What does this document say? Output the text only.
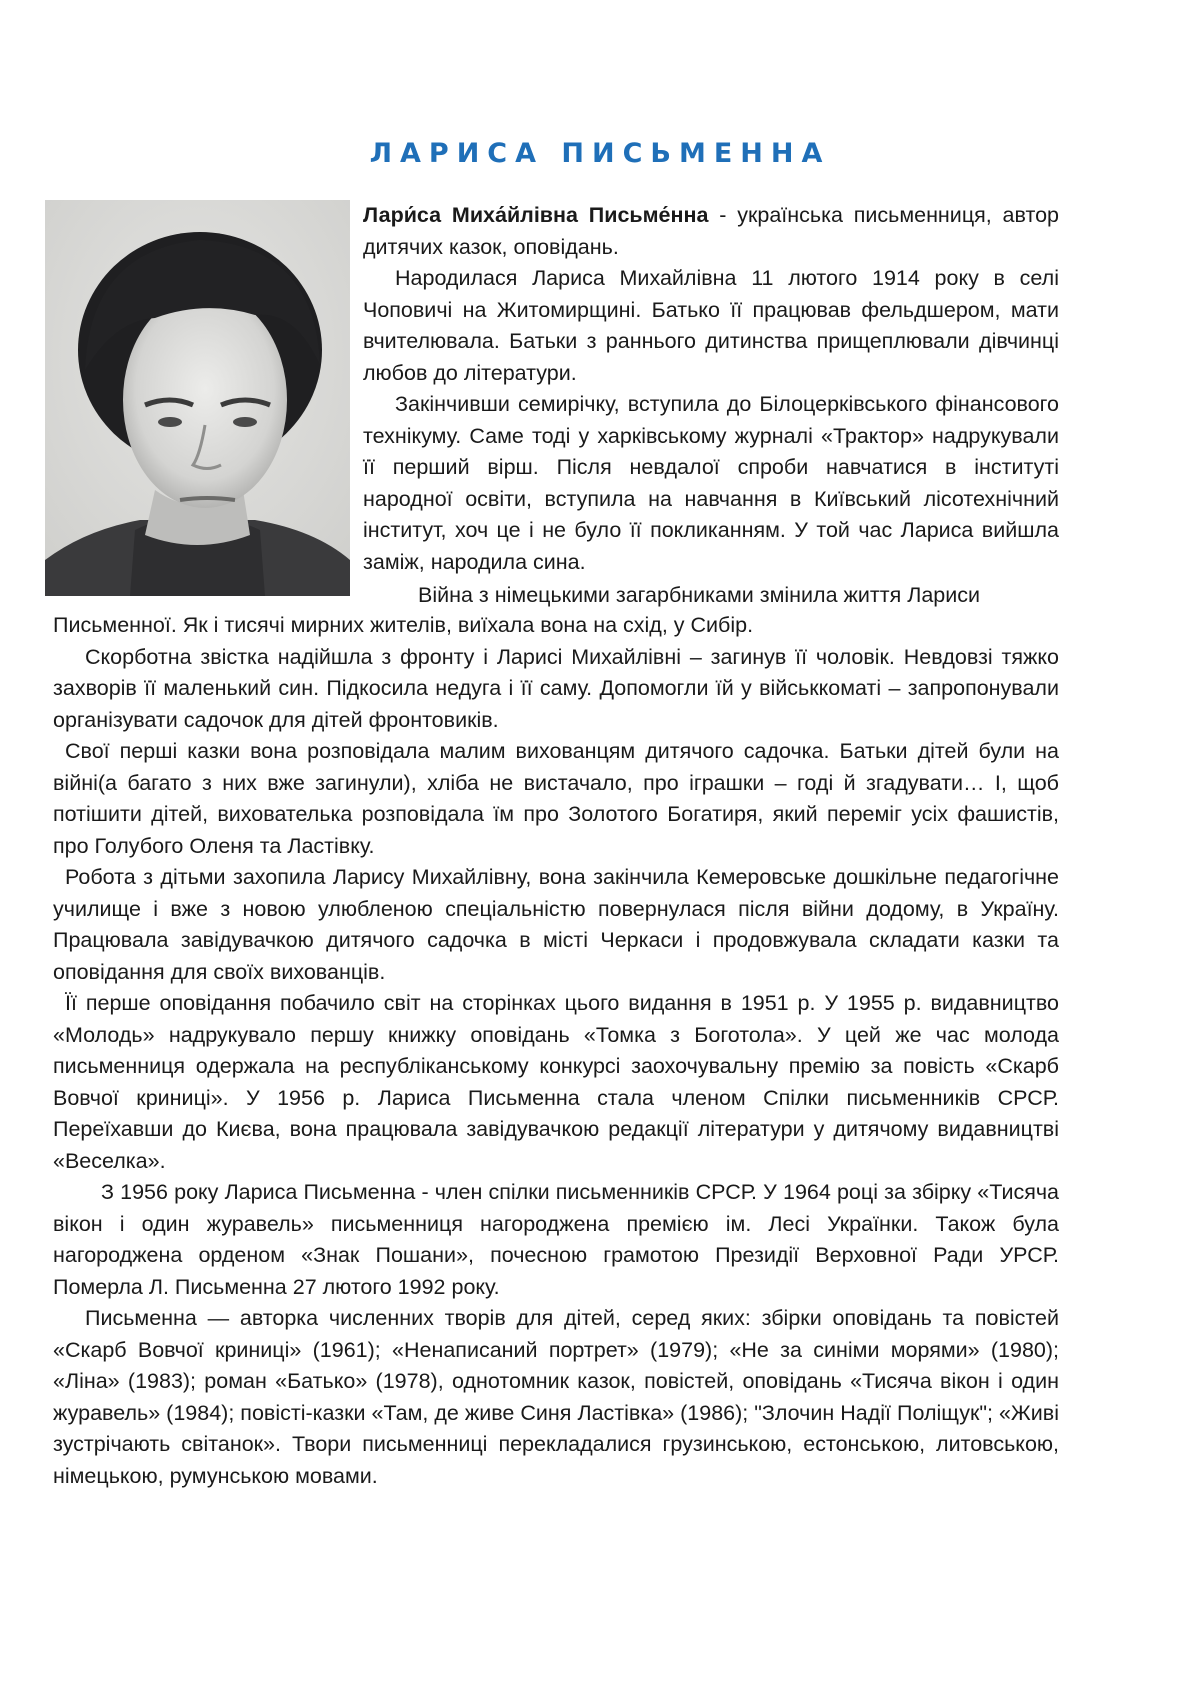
ЛАРИСА ПИСЬМЕННА

Лари́са Миха́йлівна Письме́нна - українська письменниця, автор дитячих казок, оповідань.

Народилася Лариса Михайлівна 11 лютого 1914 року в селі Чоповичі на Житомирщині. Батько її працював фельдшером, мати вчителювала. Батьки з раннього дитинства прищеплювали дівчинці любов до літератури.

Закінчивши семирічку, вступила до Білоцерківського фінансового технікуму. Саме тоді у харківському журналі «Трактор» надрукували її перший вірш. Після невдалої спроби навчатися в інституті народної освіти, вступила на навчання в Київський лісотехнічний інститут, хоч це і не було її покликанням. У той час Лариса вийшла заміж, народила сина.

Війна з німецькими загарбниками змінила життя Лариси

Письменної. Як і тисячі мирних жителів, виїхала вона на схід, у Сибір.

Скорботна звістка надійшла з фронту і Ларисі Михайлівні – загинув її чоловік. Невдовзі тяжко захворів її маленький син. Підкосила недуга і її саму. Допомогли їй у військкоматі – запропонували організувати садочок для дітей фронтовиків.

Свої перші казки вона розповідала малим вихованцям дитячого садочка. Батьки дітей були на війні(а багато з них вже загинули), хліба не вистачало, про іграшки – годі й згадувати… І, щоб потішити дітей, вихователька розповідала їм про Золотого Богатиря, який переміг усіх фашистів, про Голубого Оленя та Ластівку.

Робота з дітьми захопила Ларису Михайлівну, вона закінчила Кемеровське дошкільне педагогічне училище і вже з новою улюбленою спеціальністю повернулася після війни додому, в Україну. Працювала завідувачкою дитячого садочка в місті Черкаси і продовжувала складати казки та оповідання для своїх вихованців.

Її перше оповідання побачило світ на сторінках цього видання в 1951 р. У 1955 р. видавництво «Молодь» надрукувало першу книжку оповідань «Томка з Боготола». У цей же час молода письменниця одержала на республіканському конкурсі заохочувальну премію за повість «Скарб Вовчої криниці». У 1956 р. Лариса Письменна стала членом Спілки письменників СРСР. Переїхавши до Києва, вона працювала завідувачкою редакції літератури у дитячому видавництві «Веселка».

З 1956 року Лариса Письменна - член спілки письменників СРСР. У 1964 році за збірку «Тисяча вікон і один журавель» письменниця нагороджена премією ім. Лесі Українки. Також була нагороджена орденом «Знак Пошани», почесною грамотою Президії Верховної Ради УРСР. Померла Л. Письменна 27 лютого 1992 року.

Письменна — авторка численних творів для дітей, серед яких: збірки оповідань та повістей «Скарб Вовчої криниці» (1961); «Ненаписаний портрет» (1979); «Не за синіми морями» (1980); «Ліна» (1983); роман «Батько» (1978), однотомник казок, повістей, оповідань «Тисяча вікон і один журавель» (1984); повісті-казки «Там, де живе Синя Ластівка» (1986); "Злочин Надії Поліщук"; «Живі зустрічають світанок». Твори письменниці перекладалися грузинською, естонською, литовською, німецькою, румунською мовами.
